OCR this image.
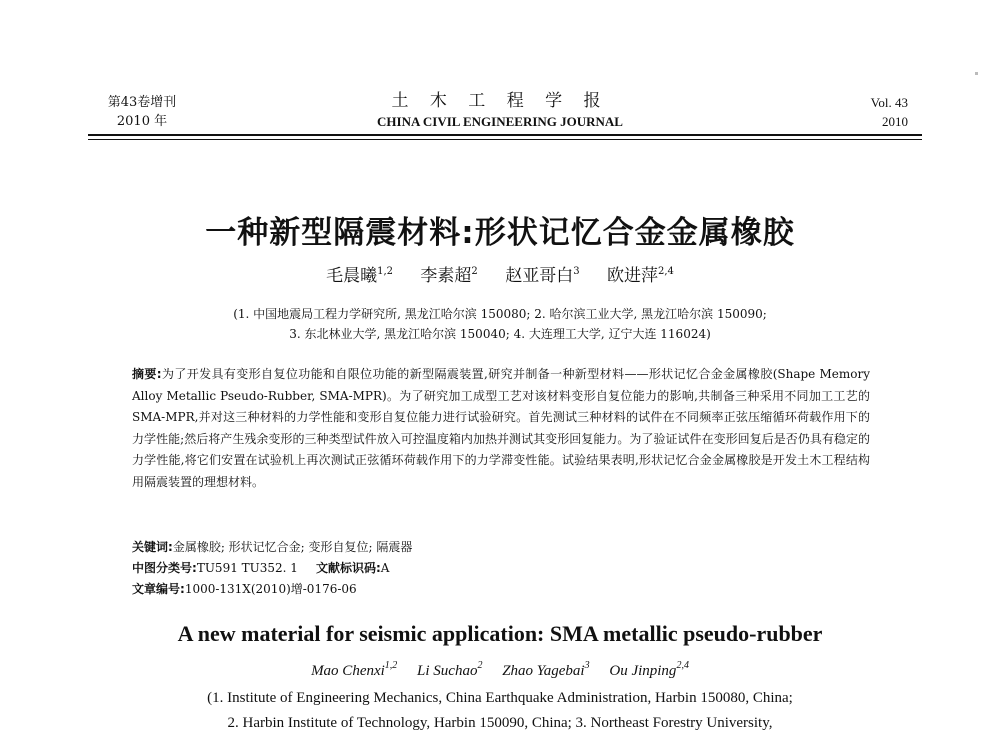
第43卷增刊
2010 年
土 木 工 程 学 报
CHINA CIVIL ENGINEERING JOURNAL
Vol. 43
2010
一种新型隔震材料:形状记忆合金金属橡胶
毛晨曦$^{1,2}$ 李素超$^2$ 赵亚哥白$^3$ 欧进萍$^{2,4}$
(1. 中国地震局工程力学研究所, 黑龙江哈尔滨 150080; 2. 哈尔滨工业大学, 黑龙江哈尔滨 150090;
3. 东北林业大学, 黑龙江哈尔滨 150040; 4. 大连理工大学, 辽宁大连 116024)
摘要:为了开发具有变形自复位功能和自限位功能的新型隔震装置,研究并制备一种新型材料——形状记忆合金金属橡胶(Shape Memory Alloy Metallic Pseudo-Rubber, SMA-MPR)。为了研究加工成型工艺对该材料变形自复位能力的影响,共制备三种采用不同加工工艺的SMA-MPR,并对这三种材料的力学性能和变形自复位能力进行试验研究。首先测试三种材料的试件在不同频率正弦压缩循环荷载作用下的力学性能;然后将产生残余变形的三种类型试件放入可控温度箱内加热并测试其变形回复能力。为了验证试件在变形回复后是否仍具有稳定的力学性能,将它们安置在试验机上再次测试正弦循环荷载作用下的力学滞变性能。试验结果表明,形状记忆合金金属橡胶是开发土木工程结构用隔震装置的理想材料。
关键词:金属橡胶; 形状记忆合金; 变形自复位; 隔震器
中图分类号:TU591 TU352. 1 文献标识码:A
文章编号:1000-131X(2010)增-0176-06
A new material for seismic application: SMA metallic pseudo-rubber
Mao Chenxi$^{1,2}$ Li Suchao$^2$ Zhao Yagebai$^3$ Ou Jinping$^{2,4}$
(1. Institute of Engineering Mechanics, China Earthquake Administration, Harbin 150080, China;
2. Harbin Institute of Technology, Harbin 150090, China; 3. Northeast Forestry University,
